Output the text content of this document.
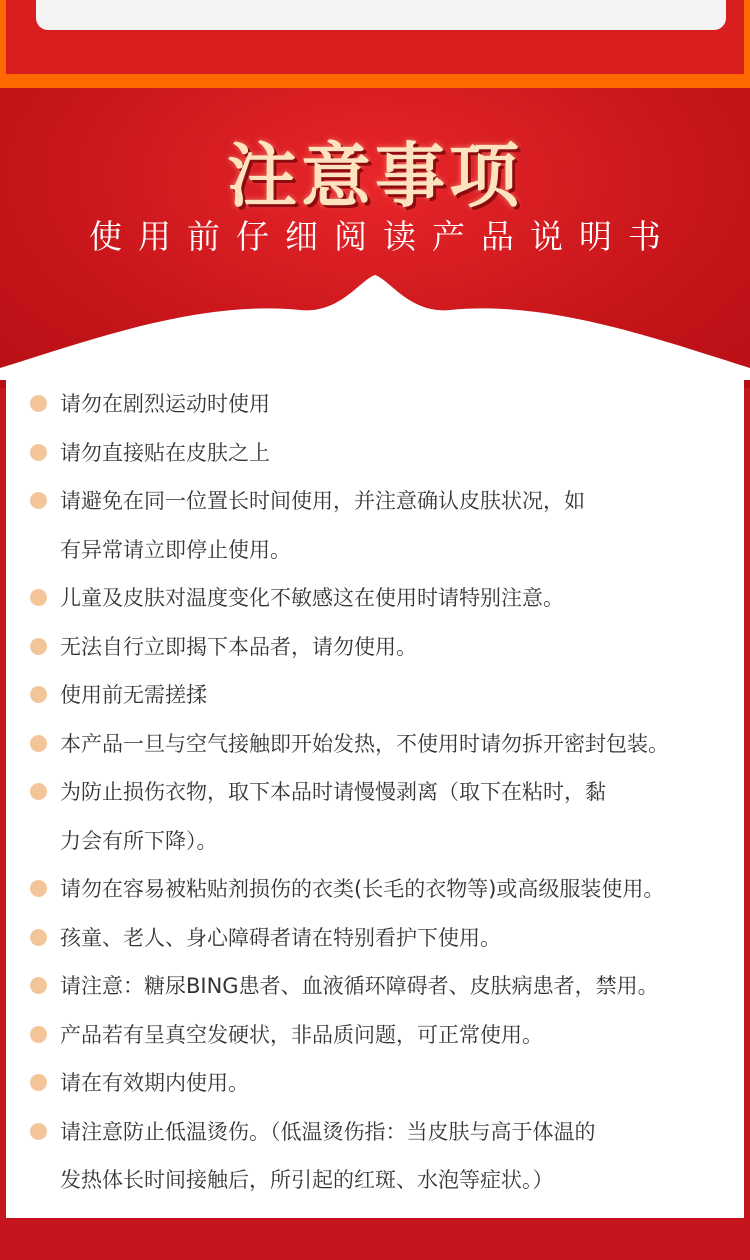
注意事项
使用前仔细阅读产品说明书
请勿在剧烈运动时使用
请勿直接贴在皮肤之上
请避免在同一位置长时间使用，并注意确认皮肤状况，如
有异常请立即停止使用。
儿童及皮肤对温度变化不敏感这在使用时请特别注意。
无法自行立即揭下本品者，请勿使用。
使用前无需搓揉
本产品一旦与空气接触即开始发热，不使用时请勿拆开密封包装。
为防止损伤衣物，取下本品时请慢慢剥离（取下在粘时，黏
力会有所下降）。
请勿在容易被粘贴剂损伤的衣类(长毛的衣物等)或高级服装使用。
孩童、老人、身心障碍者请在特别看护下使用。
请注意：糖尿BING患者、血液循环障碍者、皮肤病患者，禁用。
产品若有呈真空发硬状，非品质问题，可正常使用。
请在有效期内使用。
请注意防止低温烫伤。（低温烫伤指：当皮肤与高于体温的
发热体长时间接触后，所引起的红斑、水泡等症状。）
